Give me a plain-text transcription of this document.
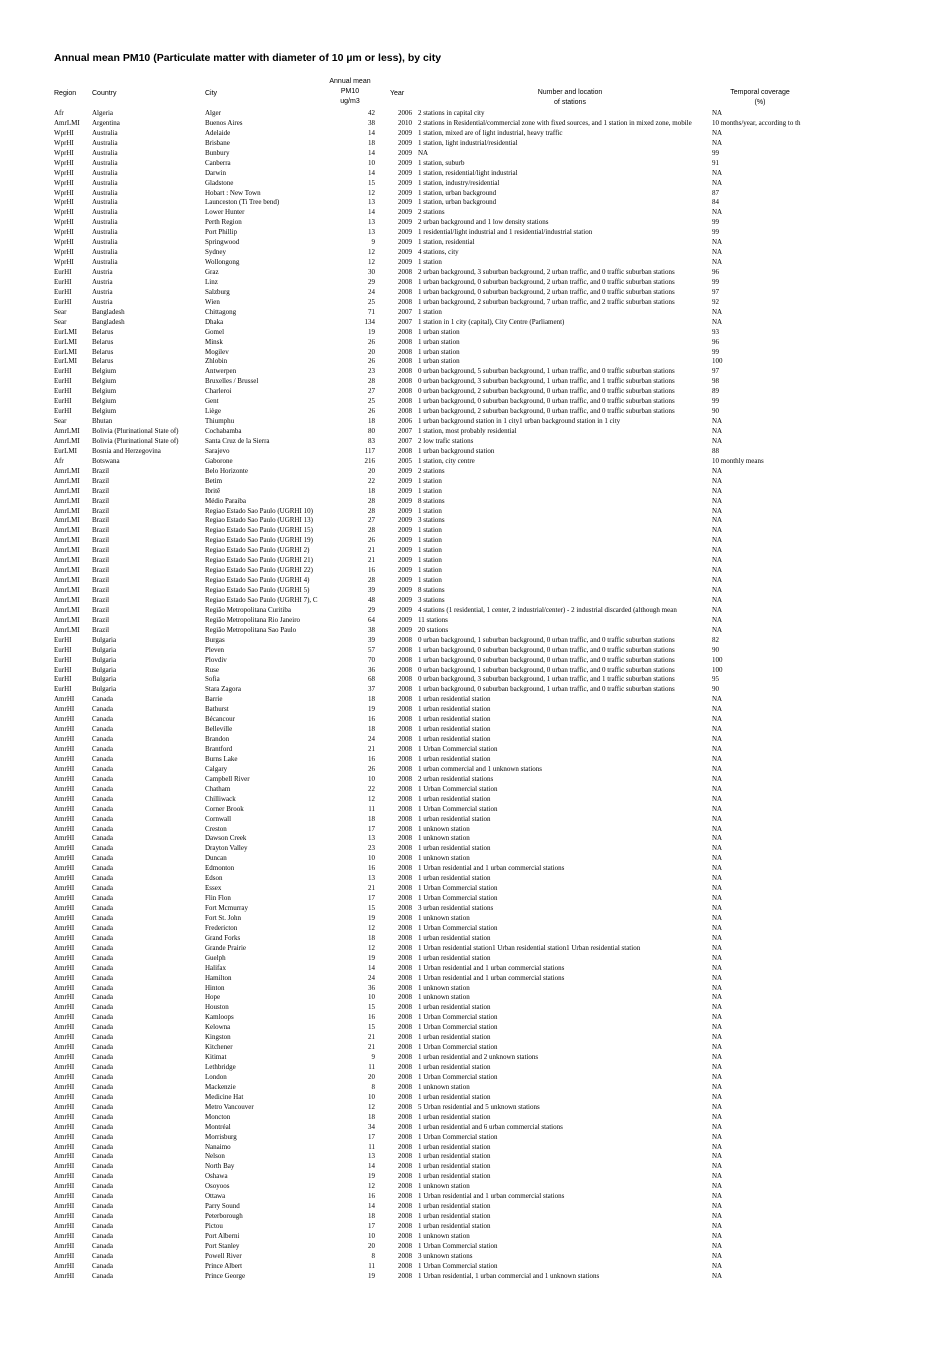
Annual mean PM10 (Particulate matter with diameter of 10 µm or less), by city
Region Country	City
Annual mean
PM10
ug/m3
Year	Number and location
of stations
Temporal coverage
(%)
Afr	Algeria	Alger	42	2006 2 stations in capital city	NA
AmrLMI Argentina	Buenos Aires	38	2010 2 stations in Residential/commercial zone with fixed sources, and 1 station in mixed zone, mobile	10 months/year, according to th
WprHI	Australia	Adelaide	14	2009 1 station, mixed are of light industrial, heavy traffic	NA
WprHI	Australia	Brisbane	18	2009 1 station, light industrial/residential	NA
WprHI	Australia	Bunbury	14	2009 NA	99
WprHI	Australia	Canberra	10	2009 1 station, suburb	91
WprHI	Australia	Darwin	14	2009 1 station, residential/light industrial	NA
WprHI	Australia	Gladstone	15	2009 1 station, industry/residential	NA
WprHI	Australia	Hobart : New Town	12	2009 1 station, urban background	87
WprHI	Australia	Launceston (Ti Tree bend)	13	2009 1 station, urban background	84
WprHI	Australia	Lower Hunter	14	2009 2 stations	NA
WprHI	Australia	Perth Region	13	2009 2 urban background and 1 low density stations	99
WprHI	Australia	Port Phillip	13	2009 1 residential/light industrial and 1 residential/industrial station	99
WprHI	Australia	Springwood	9	2009 1 station, residential	NA
WprHI	Australia	Sydney	12	2009 4 stations, city	NA
WprHI	Australia	Wollongong	12	2009 1 station	NA
EurHI	Austria	Graz	30	2008 2 urban background, 3 suburban background, 2 urban traffic, and 0 traffic suburban stations	96
EurHI	Austria	Linz	29	2008 1 urban background, 0 suburban background, 2 urban traffic, and 0 traffic suburban stations	99
EurHI	Austria	Salzburg	24	2008 1 urban background, 0 suburban background, 2 urban traffic, and 0 traffic suburban stations	97
EurHI	Austria	Wien	25	2008 1 urban background, 2 suburban background, 7 urban traffic, and 2 traffic suburban stations	92
Sear	Bangladesh	Chittagong	71	2007 1 station	NA
Sear	Bangladesh	Dhaka	134	2007 1 station in 1 city (capital), City Centre (Parliament)	NA
EurLMI Belarus	Gomel	19	2008 1 urban station	93
EurLMI Belarus	Minsk	26	2008 1 urban station	96
EurLMI Belarus	Mogilev	20	2008 1 urban station	99
EurLMI Belarus	Zhlobin	26	2008 1 urban station	100
EurHI	Belgium	Antwerpen	23	2008 0 urban background, 5 suburban background, 1 urban traffic, and 0 traffic suburban stations	97
EurHI	Belgium	Bruxelles / Brussel	28	2008 0 urban background, 3 suburban background, 1 urban traffic, and 1 traffic suburban stations	98
EurHI	Belgium	Charleroi	27	2008 0 urban background, 2 suburban background, 0 urban traffic, and 0 traffic suburban stations	89
EurHI	Belgium	Gent	25	2008 1 urban background, 0 suburban background, 0 urban traffic, and 0 traffic suburban stations	99
EurHI	Belgium	Liège	26	2008 1 urban background, 2 suburban background, 0 urban traffic, and 0 traffic suburban stations	90
Sear	Bhutan	Thiumphu	18	2006 1 urban background station in 1 city1 urban background station in 1 city	NA
AmrLMI Bolivia (Plurinational State of)	Cochabamba	80	2007 1 station, most probably residential	NA
AmrLMI Bolivia (Plurinational State of)	Santa Cruz de la Sierra	83	2007 2 low trafic stations	NA
EurLMI Bosnia and Herzegovina	Sarajevo	117	2008 1 urban background station	88
Afr	Botswana	Gaborone	216	2005 1 station, city centre	10 monthly means
AmrLMI Brazil	Belo Horizonte	20	2009 2 stations	NA
AmrLMI Brazil	Betim	22	2009 1 station	NA
AmrLMI Brazil	Ibritê	18	2009 1 station	NA
AmrLMI Brazil	Médio Paraiba	28	2009 8 stations	NA
AmrLMI Brazil	Regiao Estado Sao Paulo (UGRHI 10)	28	2009 1 station	NA
AmrLMI Brazil	Regiao Estado Sao Paulo (UGRHI 13)	27	2009 3 stations	NA
AmrLMI Brazil	Regiao Estado Sao Paulo (UGRHI 15)	28	2009 1 station	NA
AmrLMI Brazil	Regiao Estado Sao Paulo (UGRHI 19)	26	2009 1 station	NA
AmrLMI Brazil	Regiao Estado Sao Paulo (UGRHI 2)	21	2009 1 station	NA
AmrLMI Brazil	Regiao Estado Sao Paulo (UGRHI 21)	21	2009 1 station	NA
AmrLMI Brazil	Regiao Estado Sao Paulo (UGRHI 22)	16	2009 1 station	NA
AmrLMI Brazil	Regiao Estado Sao Paulo (UGRHI 4)	28	2009 1 station	NA
AmrLMI Brazil	Regiao Estado Sao Paulo (UGRHI 5)	39	2009 8 stations	NA
AmrLMI Brazil	Regiao Estado Sao Paulo (UGRHI 7), C	48	2009 3 stations	NA
AmrLMI Brazil	Região Metropolitana Curitiba	29	2009 4 stations (1 residential, 1 center, 2 industrial/center) - 2 industrial discarded (although mean	NA
AmrLMI Brazil	Região Metropolitana Rio Janeiro	64	2009 11 stations	NA
AmrLMI Brazil	Região Metropolitana Sao Paulo	38	2009 20 stations	NA
EurHI	Bulgaria	Burgas	39	2008 0 urban background, 1 suburban background, 0 urban traffic, and 0 traffic suburban stations	82
EurHI	Bulgaria	Pleven	57	2008 1 urban background, 0 suburban background, 0 urban traffic, and 0 traffic suburban stations	90
EurHI	Bulgaria	Plovdiv	70	2008 1 urban background, 0 suburban background, 0 urban traffic, and 0 traffic suburban stations	100
EurHI	Bulgaria	Ruse	36	2008 0 urban background, 1 suburban background, 0 urban traffic, and 0 traffic suburban stations	100
EurHI	Bulgaria	Sofia	68	2008 0 urban background, 3 suburban background, 1 urban traffic, and 1 traffic suburban stations	95
EurHI	Bulgaria	Stara Zagora	37	2008 1 urban background, 0 suburban background, 1 urban traffic, and 0 traffic suburban stations	90
AmrHI	Canada	Barrie	18	2008 1 urban residential station	NA
AmrHI	Canada	Bathurst	19	2008 1 urban residential station	NA
AmrHI	Canada	Bécancour	16	2008 1 urban residential station	NA
AmrHI	Canada	Belleville	18	2008 1 urban residential station	NA
AmrHI	Canada	Brandon	24	2008 1 urban residential station	NA
AmrHI	Canada	Brantford	21	2008 1 Urban Commercial station	NA
AmrHI	Canada	Burns Lake	16	2008 1 urban residential station	NA
AmrHI	Canada	Calgary	26	2008 1 urban commercial and 1 unknown stations	NA
AmrHI	Canada	Campbell River	10	2008 2 urban residential stations	NA
AmrHI	Canada	Chatham	22	2008 1 Urban Commercial station	NA
AmrHI	Canada	Chilliwack	12	2008 1 urban residential station	NA
AmrHI	Canada	Corner Brook	11	2008 1 Urban Commercial station	NA
AmrHI	Canada	Cornwall	18	2008 1 urban residential station	NA
AmrHI	Canada	Creston	17	2008 1 unknown station	NA
AmrHI	Canada	Dawson Creek	13	2008 1 unknown station	NA
AmrHI	Canada	Drayton Valley	23	2008 1 urban residential station	NA
AmrHI	Canada	Duncan	10	2008 1 unknown station	NA
AmrHI	Canada	Edmonton	16	2008 1 Urban residential and 1 urban commercial stations	NA
AmrHI	Canada	Edson	13	2008 1 urban residential station	NA
AmrHI	Canada	Essex	21	2008 1 Urban Commercial station	NA
AmrHI	Canada	Flin Flon	17	2008 1 Urban Commercial station	NA
AmrHI	Canada	Fort Mcmurray	15	2008 3 urban residential stations	NA
AmrHI	Canada	Fort St. John	19	2008 1 unknown station	NA
AmrHI	Canada	Fredericton	12	2008 1 Urban Commercial station	NA
AmrHI	Canada	Grand Forks	18	2008 1 urban residential station	NA
AmrHI	Canada	Grande Prairie	12	2008 1 Urban residential station1 Urban residential station1 Urban residential station	NA
AmrHI	Canada	Guelph	19	2008 1 urban residential station	NA
AmrHI	Canada	Halifax	14	2008 1 Urban residential and 1 urban commercial stations	NA
AmrHI	Canada	Hamilton	24	2008 1 Urban residential and 1 urban commercial stations	NA
AmrHI	Canada	Hinton	36	2008 1 unknown station	NA
AmrHI	Canada	Hope	10	2008 1 unknown station	NA
AmrHI	Canada	Houston	15	2008 1 urban residential station	NA
AmrHI	Canada	Kamloops	16	2008 1 Urban Commercial station	NA
AmrHI	Canada	Kelowna	15	2008 1 Urban Commercial station	NA
AmrHI	Canada	Kingston	21	2008 1 urban residential station	NA
AmrHI	Canada	Kitchener	21	2008 1 Urban Commercial station	NA
AmrHI	Canada	Kitimat	9	2008 1 urban residential and 2 unknown stations	NA
AmrHI	Canada	Lethbridge	11	2008 1 urban residential station	NA
AmrHI	Canada	London	20	2008 1 Urban Commercial station	NA
AmrHI	Canada	Mackenzie	8	2008 1 unknown station	NA
AmrHI	Canada	Medicine Hat	10	2008 1 urban residential station	NA
AmrHI	Canada	Metro Vancouver	12	2008 5 Urban residential and 5 unknown stations	NA
AmrHI	Canada	Moncton	18	2008 1 urban residential station	NA
AmrHI	Canada	Montréal	34	2008 1 urban residential and 6 urban commercial stations	NA
AmrHI	Canada	Morrisburg	17	2008 1 Urban Commercial station	NA
AmrHI	Canada	Nanaimo	11	2008 1 urban residential station	NA
AmrHI	Canada	Nelson	13	2008 1 urban residential station	NA
AmrHI	Canada	North Bay	14	2008 1 urban residential station	NA
AmrHI	Canada	Oshawa	19	2008 1 urban residential station	NA
AmrHI	Canada	Osoyoos	12	2008 1 unknown station	NA
AmrHI	Canada	Ottawa	16	2008 1 Urban residential and 1 urban commercial stations	NA
AmrHI	Canada	Parry Sound	14	2008 1 urban residential station	NA
AmrHI	Canada	Peterborough	18	2008 1 urban residential station	NA
AmrHI	Canada	Pictou	17	2008 1 urban residential station	NA
AmrHI	Canada	Port Alberni	10	2008 1 unknown station	NA
AmrHI	Canada	Port Stanley	20	2008 1 Urban Commercial station	NA
AmrHI	Canada	Powell River	8	2008 3 unknown stations	NA
AmrHI	Canada	Prince Albert	11	2008 1 Urban Commercial station	NA
AmrHI	Canada	Prince George	19	2008 1 Urban residential, 1 urban commercial and 1 unknown stations	NA
